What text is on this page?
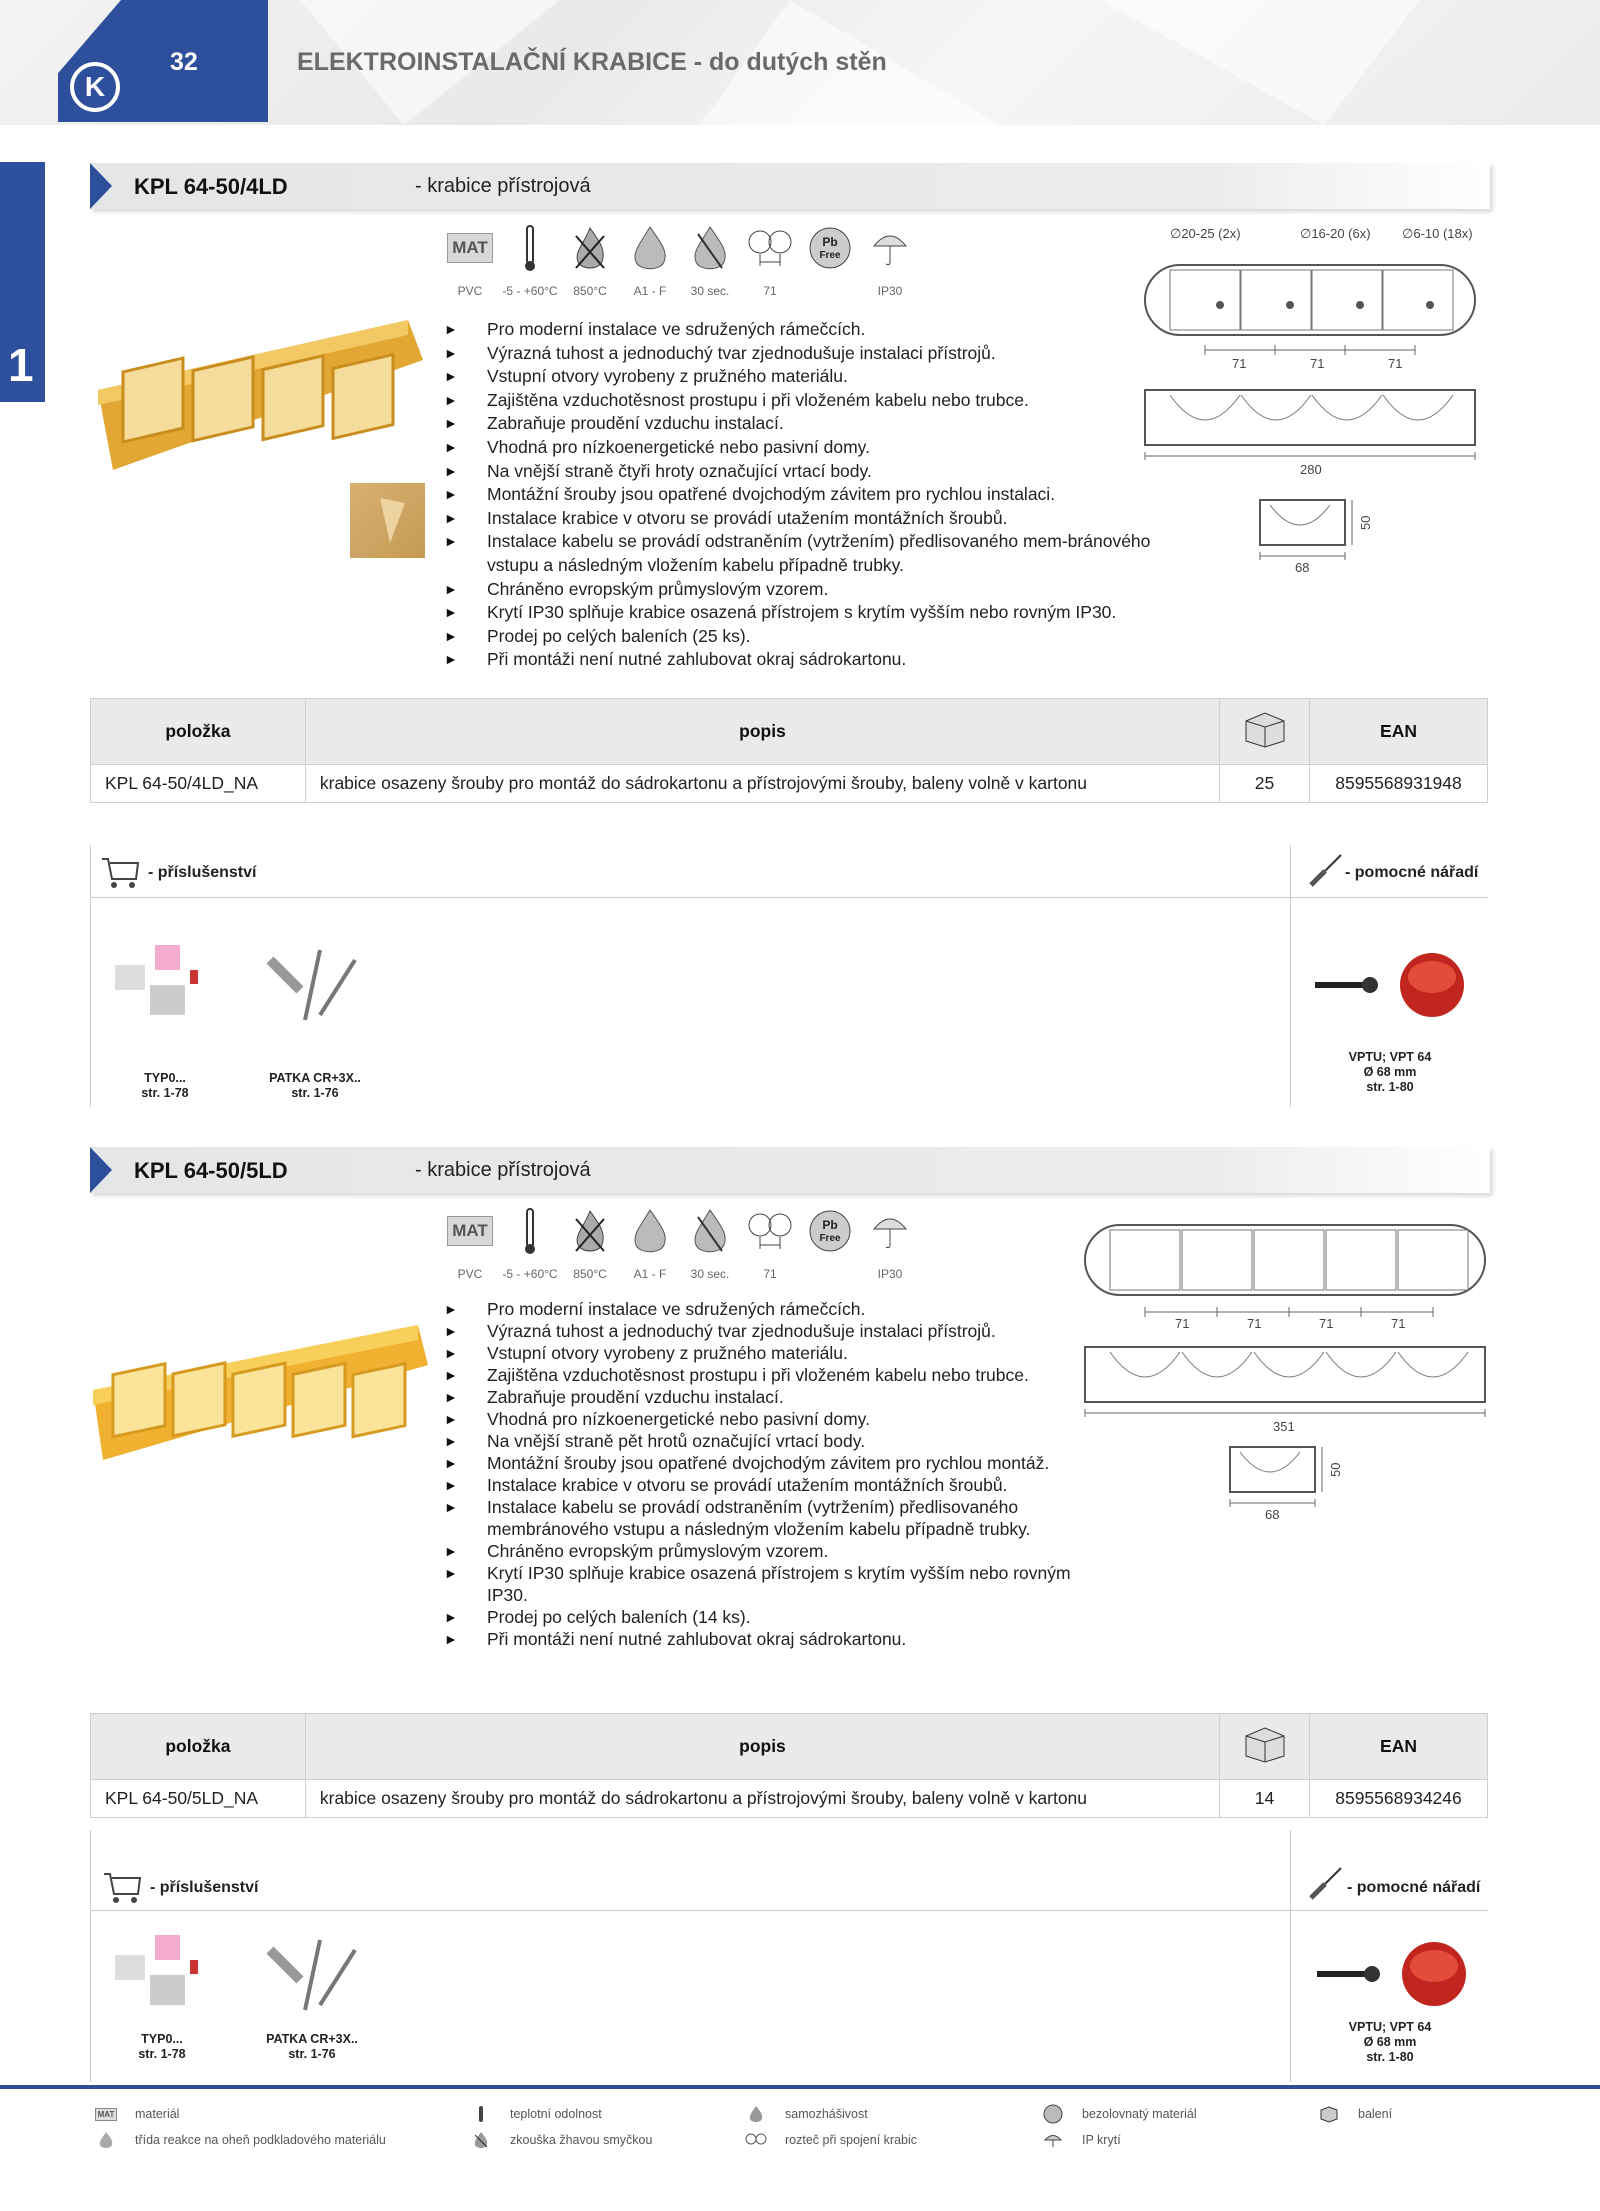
K
32	ELEKTROINSTALAČNÍ KRABICE - do dutých stěn
1
KPL 64-50/4LD	- krabice přístrojová
MAT
PVC -5 - +60°C 850°C A1 - F 30 sec.	71
Pb
Free
IP30
► Pro moderní instalace ve sdružených rámečcích.
► Výrazná tuhost a jednoduchý tvar zjednodušuje instalaci přístrojů.
► Vstupní otvory vyrobeny z pružného materiálu.
► Zajištěna vzduchotěsnost prostupu i při vloženém kabelu nebo trubce.
► Zabraňuje proudění vzduchu instalací.
► Vhodná pro nízkoenergetické nebo pasivní domy.
► Na vnější straně čtyři hroty označující vrtací body.
► Montážní šrouby jsou opatřené dvojchodým závitem pro rychlou instalaci.
► Instalace krabice v otvoru se provádí utažením montážních šroubů.
► Instalace kabelu se provádí odstraněním (vytržením) předlisovaného mem-bránového vstupu a následným vložením kabelu případně trubky.
► Chráněno evropským průmyslovým vzorem.
► Krytí IP30 splňuje krabice osazená přístrojem s krytím vyšším nebo rovným IP30.
► Prodej po celých baleních (25 ks).
► Při montáži není nutné zahlubovat okraj sádrokartonu.
∅20-25 (2x)	∅16-20 (6x) ∅6-10 (18x)
71	71	71
280
50
68
položka	popis		EAN
KPL 64-50/4LD_NA	krabice osazeny šrouby pro montáž do sádrokartonu a přístrojovými šrouby, baleny volně v kartonu	25	8595568931948
- příslušenství	- pomocné nářadí
TYP0...
str. 1-78
PATKA CR+3X..
str. 1-76
VPTU; VPT 64
Ø 68 mm
str. 1-80
KPL 64-50/5LD	- krabice přístrojová
MAT
PVC -5 - +60°C 850°C A1 - F 30 sec.	71
Pb
Free
IP30
► Pro moderní instalace ve sdružených rámečcích.
► Výrazná tuhost a jednoduchý tvar zjednodušuje instalaci přístrojů.
► Vstupní otvory vyrobeny z pružného materiálu.
► Zajištěna vzduchotěsnost prostupu i při vloženém kabelu nebo trubce.
► Zabraňuje proudění vzduchu instalací.
► Vhodná pro nízkoenergetické nebo pasivní domy.
► Na vnější straně pět hrotů označující vrtací body.
► Montážní šrouby jsou opatřené dvojchodým závitem pro rychlou montáž.
► Instalace krabice v otvoru se provádí utažením montážních šroubů.
► Instalace kabelu se provádí odstraněním (vytržením) předlisovaného membránového vstupu a následným vložením kabelu případně trubky.
► Chráněno evropským průmyslovým vzorem.
► Krytí IP30 splňuje krabice osazená přístrojem s krytím vyšším nebo rovným IP30.
► Prodej po celých baleních (14 ks).
► Při montáži není nutné zahlubovat okraj sádrokartonu.
71	71	71	71
351
50
68
položka	popis		EAN
KPL 64-50/5LD_NA	krabice osazeny šrouby pro montáž do sádrokartonu a přístrojovými šrouby, baleny volně v kartonu	14	8595568934246
- příslušenství	- pomocné nářadí
TYP0...
str. 1-78
PATKA CR+3X..
str. 1-76
VPTU; VPT 64
Ø 68 mm
str. 1-80
MAT materiál	teplotní odolnost	samozhášivost	bezolovnatý materiál	balení
třída reakce na oheň podkladového materiálu	zkouška žhavou smyčkou	rozteč při spojení krabic	IP krytí
